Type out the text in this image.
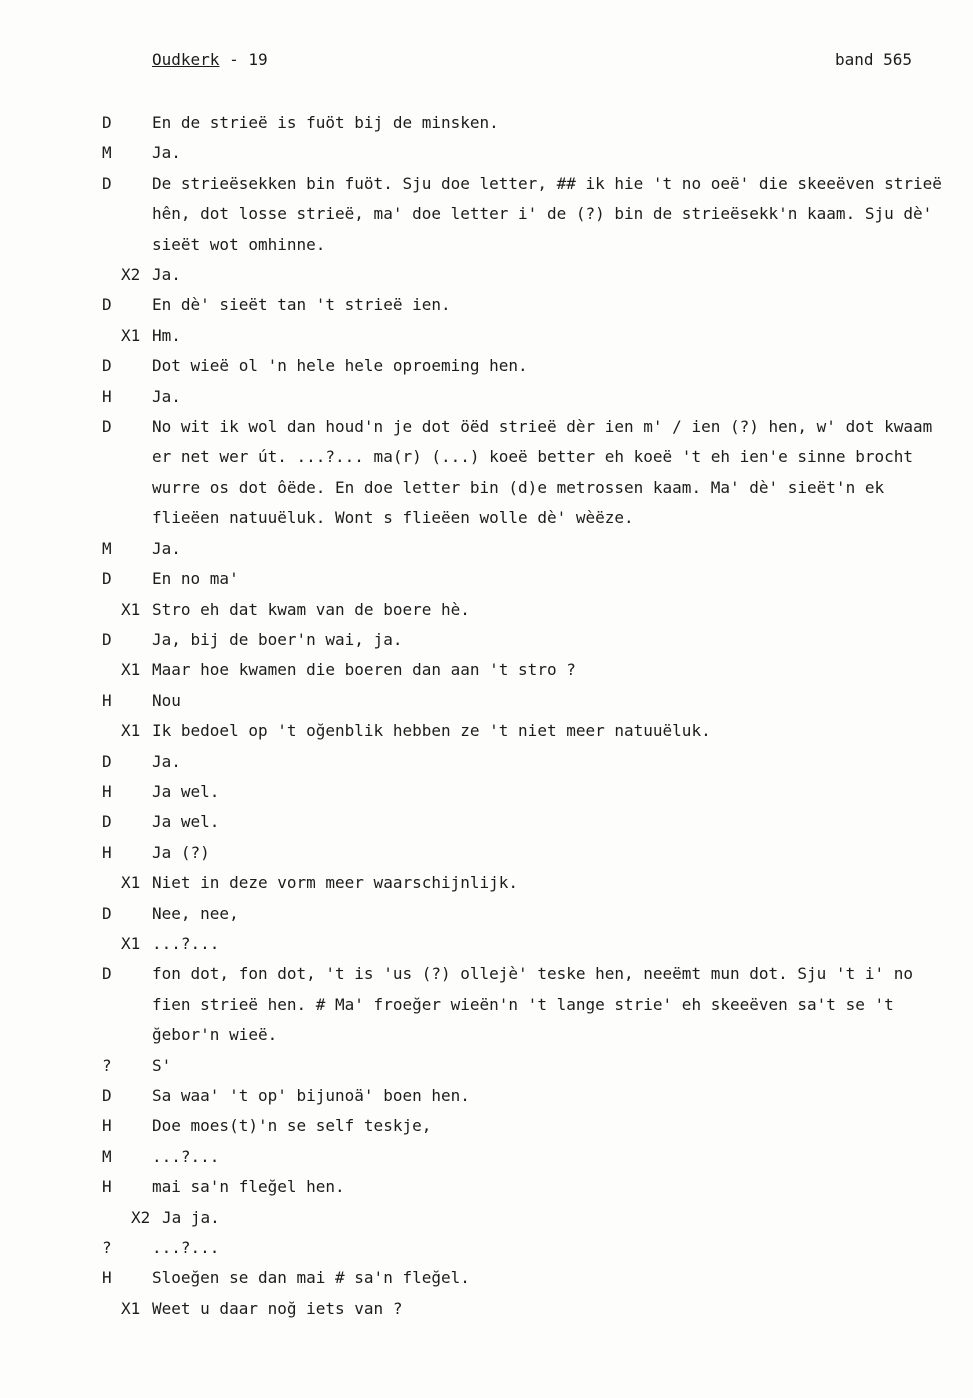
Oudkerk - 19	band 565
D	En de strieë is fuöt bij de minsken.
M	Ja.
D	De strieësekken bin fuöt. Sju doe letter, ## ik hie 't no oeë' die skeeëven strieë hên, dot losse strieë, ma' doe letter i' de (?) bin de strieësekk'n kaam. Sju dè' sieët wot omhinne.
X2 Ja.
D	En dè' sieët tan 't strieë ien.
X1 Hm.
D	Dot wieë ol 'n hele hele oproeming hen.
H	Ja.
D	No wit ik wol dan houd'n je dot öëd strieë dèr ien m' / ien (?) hen, w' dot kwaam er net wer út. ...?... ma(r) (...) koeë better eh koeë 't eh ien'e sinne brocht wurre os dot ôëde. En doe letter bin (d)e metrossen kaam. Ma' dè' sieët'n ek flieëen natuuëluk. Wont s flieëen wolle dè' wèëze.
M	Ja.
D	En no ma'
X1 Stro eh dat kwam van de boere hè.
D	Ja, bij de boer'n wai, ja.
X1 Maar hoe kwamen die boeren dan aan 't stro ?
H	Nou
X1 Ik bedoel op 't oğenblik hebben ze 't niet meer natuuëluk.
D	Ja.
H	Ja wel.
D	Ja wel.
H	Ja (?)
X1 Niet in deze vorm meer waarschijnlijk.
D	Nee, nee,
X1 ...?...
D	fon dot, fon dot, 't is 'us (?) ollejè' teske hen, neeëmt mun dot. Sju 't i' no fien strieë hen. # Ma' froeğer wieën'n 't lange strie' eh skeeëven sa't se 't ğebor'n wieë.
?	S'
D	Sa waa' 't op' bijunoä' boen hen.
H	Doe moes(t)'n se self teskje,
M	...?...
H	mai sa'n fleğel hen.
X2 Ja ja.
?	...?...
H	Sloeğen se dan mai # sa'n fleğel.
X1 Weet u daar noğ iets van ?
